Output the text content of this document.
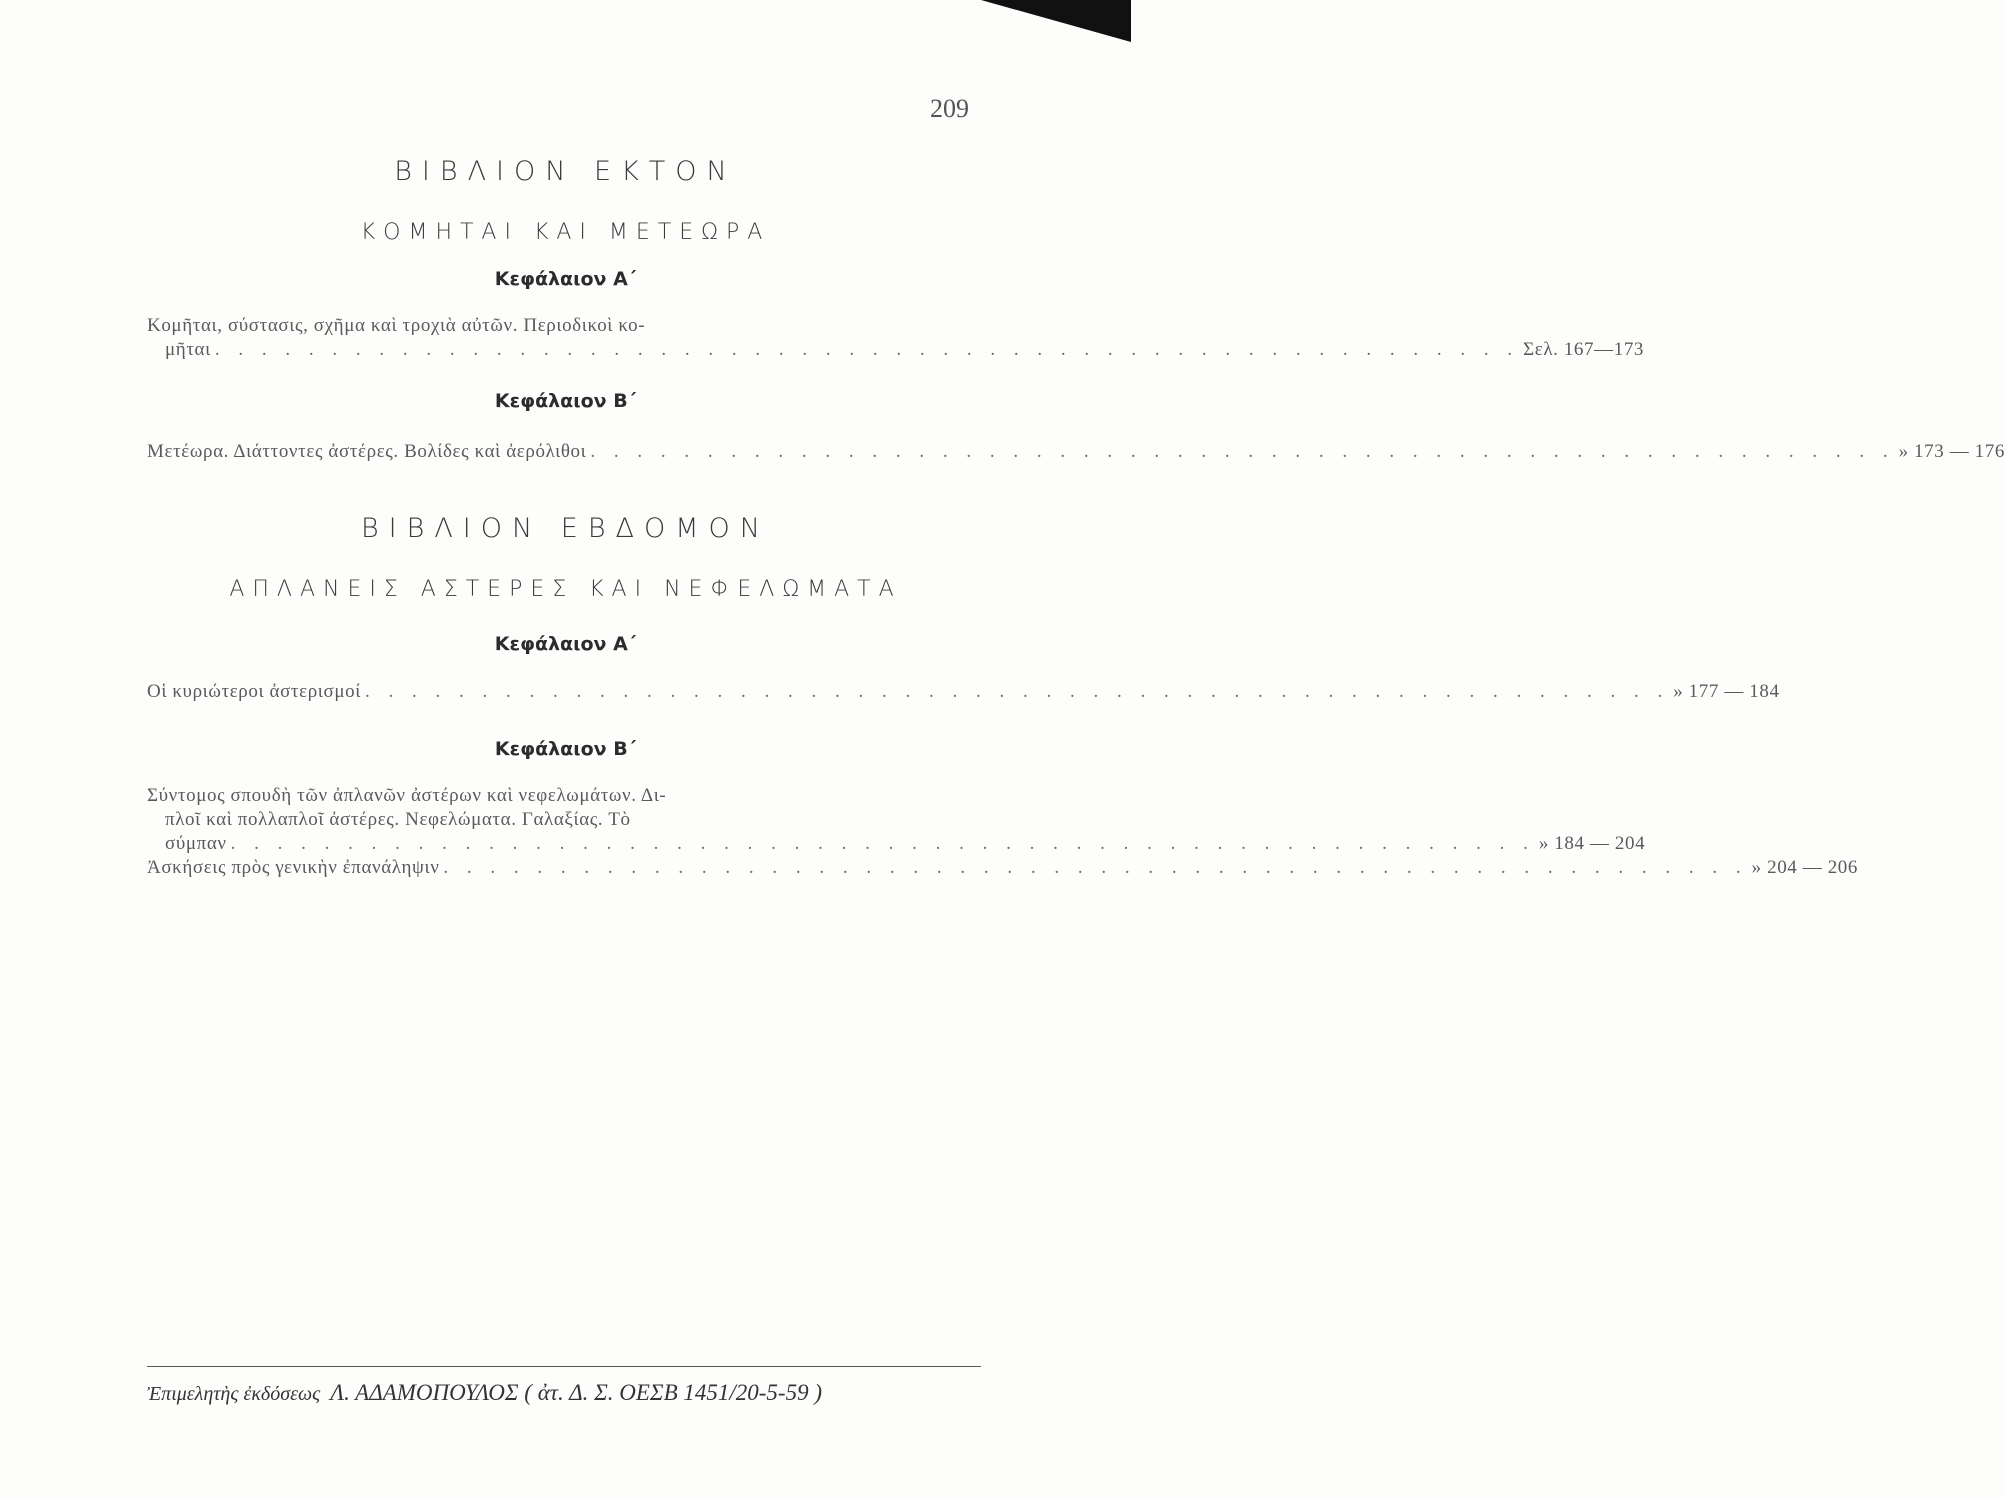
209
ΒΙΒΛΙΟΝ ΕΚΤΟΝ
ΚΟΜΗΤΑΙ ΚΑΙ ΜΕΤΕΩΡΑ
Κεφάλαιον Α΄
Κομῆται, σύστασις, σχῆμα καὶ τροχιὰ αὐτῶν. Περιοδικοὶ κο-
μῆται . . . . . . . . . . . . . . . . . . . . . . . . . . . . . . . . . . . . . . . . . . . . . . . . . . . . . . . . Σελ. 167—173
Κεφάλαιον Β΄
Μετέωρα. Διάττοντες ἀστέρες. Βολίδες καὶ ἀερόλιθοι . . . . . . . . . . . . . . . . . . . . . . . . . . . . . . . . . . . . . . . . . . . . . . . . . . . . . . . . » 173 — 176
ΒΙΒΛΙΟΝ ΕΒΔΟΜΟΝ
ΑΠΛΑΝΕΙΣ ΑΣΤΕΡΕΣ ΚΑΙ ΝΕΦΕΛΩΜΑΤΑ
Κεφάλαιον Α΄
Οἱ κυριώτεροι ἀστερισμοί . . . . . . . . . . . . . . . . . . . . . . . . . . . . . . . . . . . . . . . . . . . . . . . . . . . . . . . . » 177 — 184
Κεφάλαιον Β΄
Σύντομος σπουδὴ τῶν ἀπλανῶν ἀστέρων καὶ νεφελωμάτων. Δι-
πλοῖ καὶ πολλαπλοῖ ἀστέρες. Νεφελώματα. Γαλαξίας. Τὸ
σύμπαν . . . . . . . . . . . . . . . . . . . . . . . . . . . . . . . . . . . . . . . . . . . . . . . . . . . . . . . . » 184 — 204
Ἀσκήσεις πρὸς γενικὴν ἐπανάληψιν . . . . . . . . . . . . . . . . . . . . . . . . . . . . . . . . . . . . . . . . . . . . . . . . . . . . . . . . » 204 — 206
Ἐπιμελητὴς ἐκδόσεως Λ. ΑΔΑΜΟΠΟΥΛΟΣ ( ἀτ. Δ. Σ. ΟΕΣΒ 1451/20-5-59 )
